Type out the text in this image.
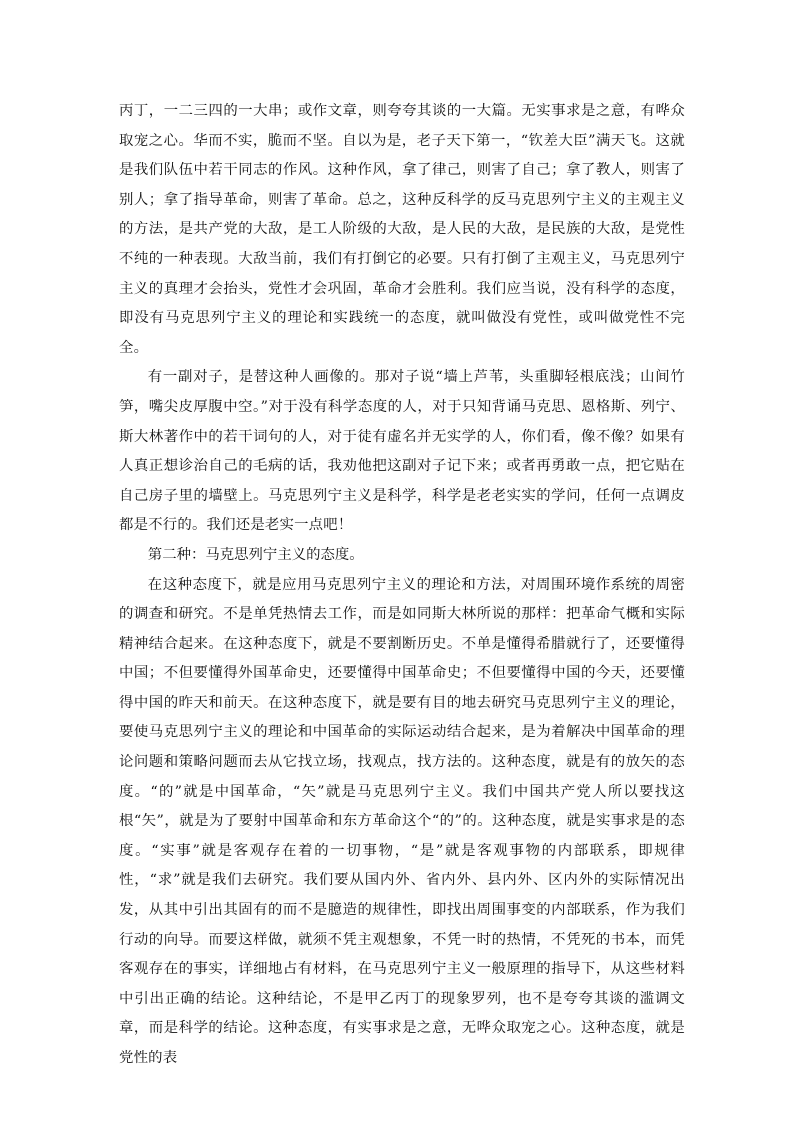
丙丁，一二三四的一大串；或作文章，则夸夸其谈的一大篇。无实事求是之意，有哗众取宠之心。华而不实，脆而不坚。自以为是，老子天下第一，“钦差大臣”满天飞。这就是我们队伍中若干同志的作风。这种作风，拿了律己，则害了自己；拿了教人，则害了别人；拿了指导革命，则害了革命。总之，这种反科学的反马克思列宁主义的主观主义的方法，是共产党的大敌，是工人阶级的大敌，是人民的大敌，是民族的大敌，是党性不纯的一种表现。大敌当前，我们有打倒它的必要。只有打倒了主观主义，马克思列宁主义的真理才会抬头，党性才会巩固，革命才会胜利。我们应当说，没有科学的态度，即没有马克思列宁主义的理论和实践统一的态度，就叫做没有党性，或叫做党性不完全。

有一副对子，是替这种人画像的。那对子说“墙上芦苇，头重脚轻根底浅；山间竹笋，嘴尖皮厚腹中空。”对于没有科学态度的人，对于只知背诵马克思、恩格斯、列宁、斯大林著作中的若干词句的人，对于徒有虚名并无实学的人，你们看，像不像？如果有人真正想诊治自己的毛病的话，我劝他把这副对子记下来；或者再勇敢一点，把它贴在自己房子里的墙壁上。马克思列宁主义是科学，科学是老老实实的学问，任何一点调皮都是不行的。我们还是老实一点吧！

第二种：马克思列宁主义的态度。

在这种态度下，就是应用马克思列宁主义的理论和方法，对周围环境作系统的周密的调查和研究。不是单凭热情去工作，而是如同斯大林所说的那样：把革命气概和实际精神结合起来。在这种态度下，就是不要割断历史。不单是懂得希腊就行了，还要懂得中国；不但要懂得外国革命史，还要懂得中国革命史；不但要懂得中国的今天，还要懂得中国的昨天和前天。在这种态度下，就是要有目的地去研究马克思列宁主义的理论，要使马克思列宁主义的理论和中国革命的实际运动结合起来，是为着解决中国革命的理论问题和策略问题而去从它找立场，找观点，找方法的。这种态度，就是有的放矢的态度。“的”就是中国革命，“矢”就是马克思列宁主义。我们中国共产党人所以要找这根“矢”，就是为了要射中国革命和东方革命这个“的”的。这种态度，就是实事求是的态度。“实事”就是客观存在着的一切事物，“是”就是客观事物的内部联系，即规律性，“求”就是我们去研究。我们要从国内外、省内外、县内外、区内外的实际情况出发，从其中引出其固有的而不是臆造的规律性，即找出周围事变的内部联系，作为我们行动的向导。而要这样做，就须不凭主观想象，不凭一时的热情，不凭死的书本，而凭客观存在的事实，详细地占有材料，在马克思列宁主义一般原理的指导下，从这些材料中引出正确的结论。这种结论，不是甲乙丙丁的现象罗列，也不是夸夸其谈的滥调文章，而是科学的结论。这种态度，有实事求是之意，无哗众取宠之心。这种态度，就是党性的表
